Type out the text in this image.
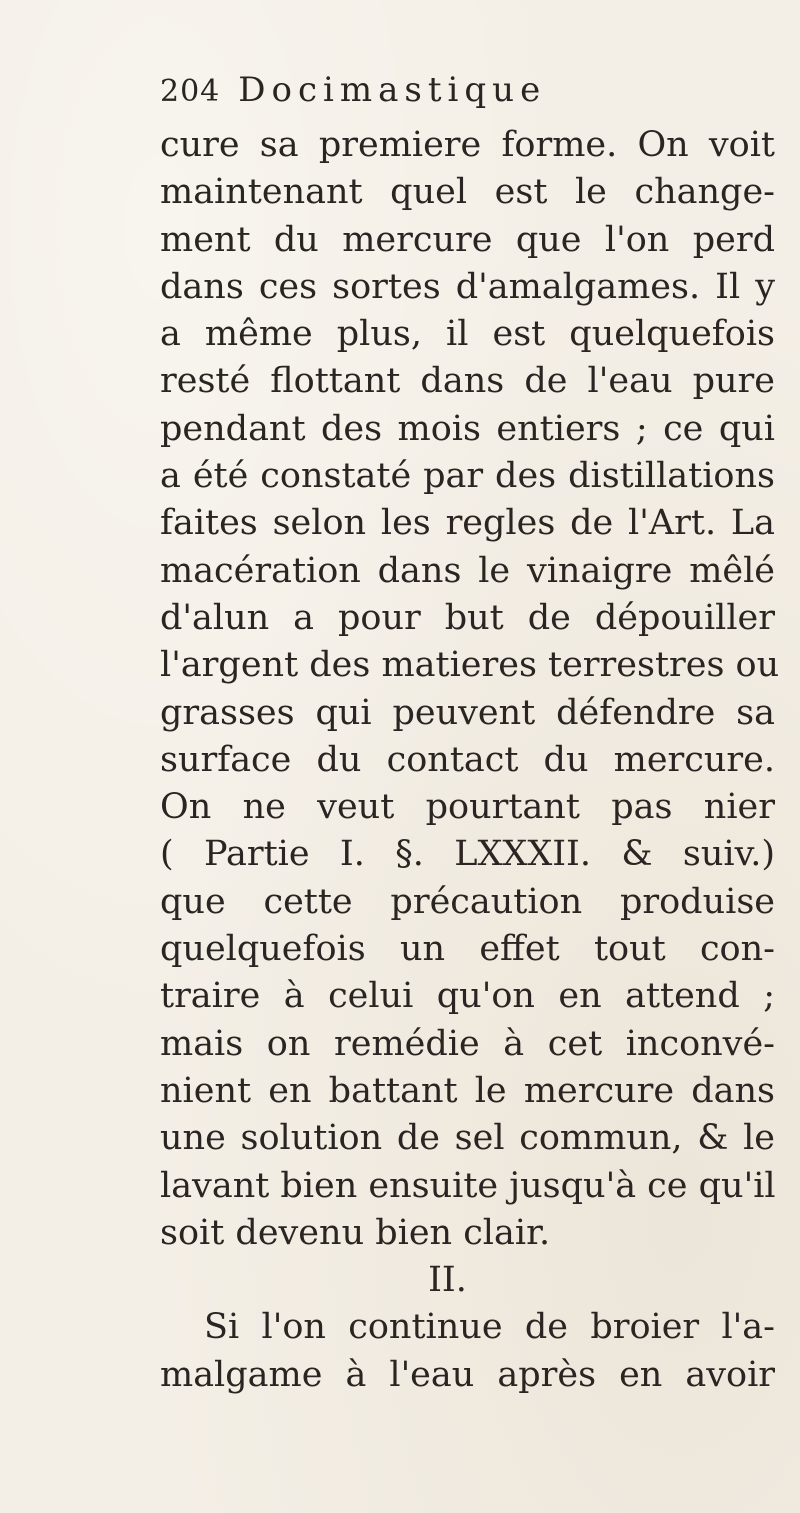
204 Docimastique
cure sa premiere forme. On voit
maintenant quel est le change-
ment du mercure que l'on perd
dans ces sortes d'amalgames. Il y
a même plus, il est quelquefois
resté flottant dans de l'eau pure
pendant des mois entiers ; ce qui
a été constaté par des distillations
faites selon les regles de l'Art. La
macération dans le vinaigre mêlé
d'alun a pour but de dépouiller
l'argent des matieres terrestres ou
grasses qui peuvent défendre sa
surface du contact du mercure.
On ne veut pourtant pas nier
( Partie I. §. LXXXII. & suiv.)
que cette précaution produise
quelquefois un effet tout con-
traire à celui qu'on en attend ;
mais on remédie à cet inconvé-
nient en battant le mercure dans
une solution de sel commun, & le
lavant bien ensuite jusqu'à ce qu'il
soit devenu bien clair.
II.
Si l'on continue de broier l'a-
malgame à l'eau après en avoir
